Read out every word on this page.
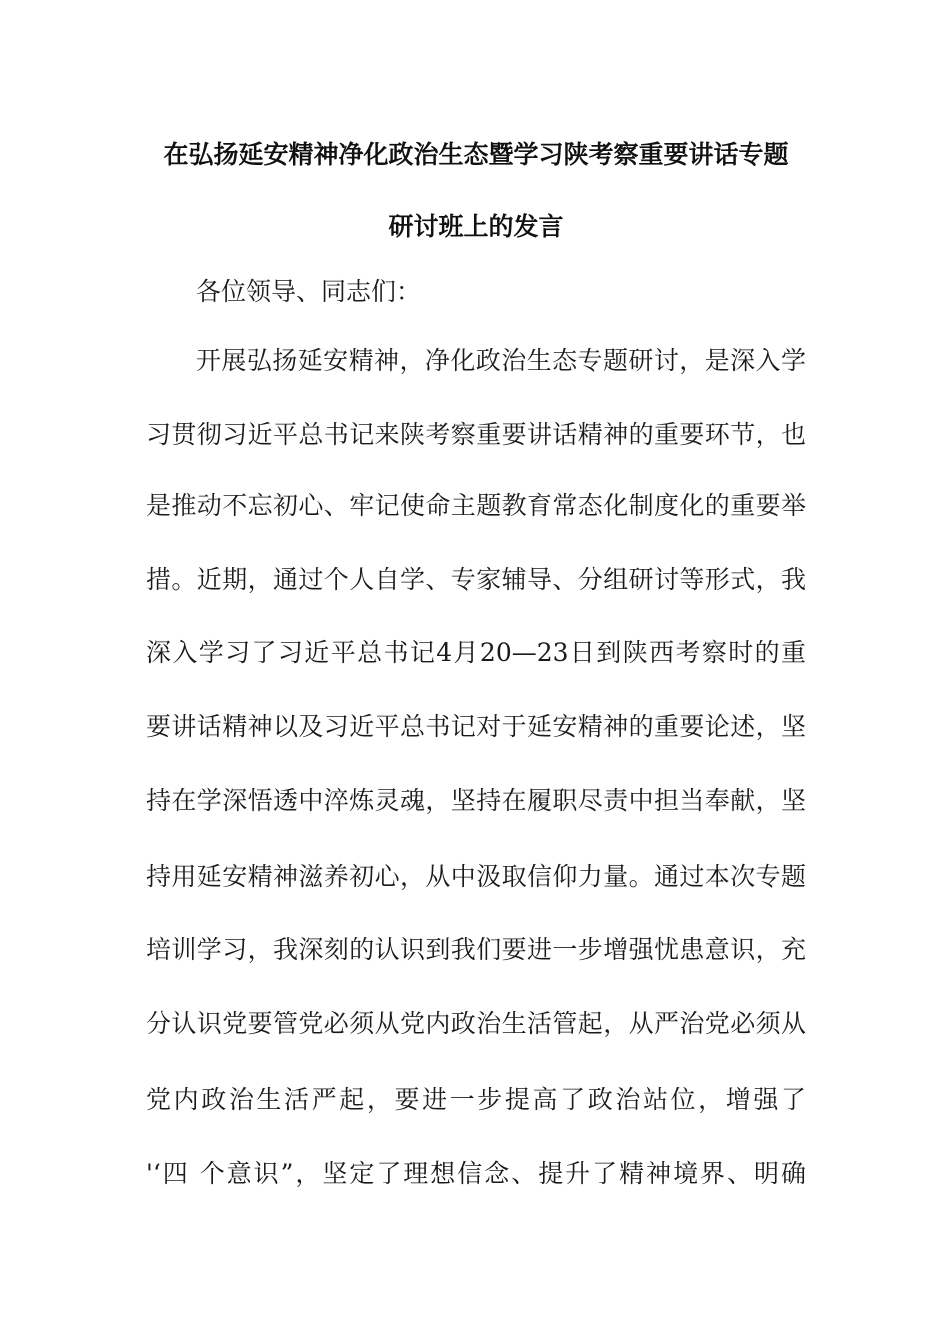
在弘扬延安精神净化政治生态暨学习陕考察重要讲话专题
研讨班上的发言
各位领导、同志们：
开展弘扬延安精神，净化政治生态专题研讨，是深入学
习贯彻习近平总书记来陕考察重要讲话精神的重要环节，也
是推动不忘初心、牢记使命主题教育常态化制度化的重要举
措。近期，通过个人自学、专家辅导、分组研讨等形式，我
深入学习了习近平总书记4月20—23日到陕西考察时的重
要讲话精神以及习近平总书记对于延安精神的重要论述，坚
持在学深悟透中淬炼灵魂，坚持在履职尽责中担当奉献，坚
持用延安精神滋养初心，从中汲取信仰力量。通过本次专题
培训学习，我深刻的认识到我们要进一步增强忧患意识，充
分认识党要管党必须从党内政治生活管起，从严治党必须从
党内政治生活严起，要进一步提高了政治站位，增强了
'‘四 个意识”，坚定了理想信念、提升了精神境界、明确
